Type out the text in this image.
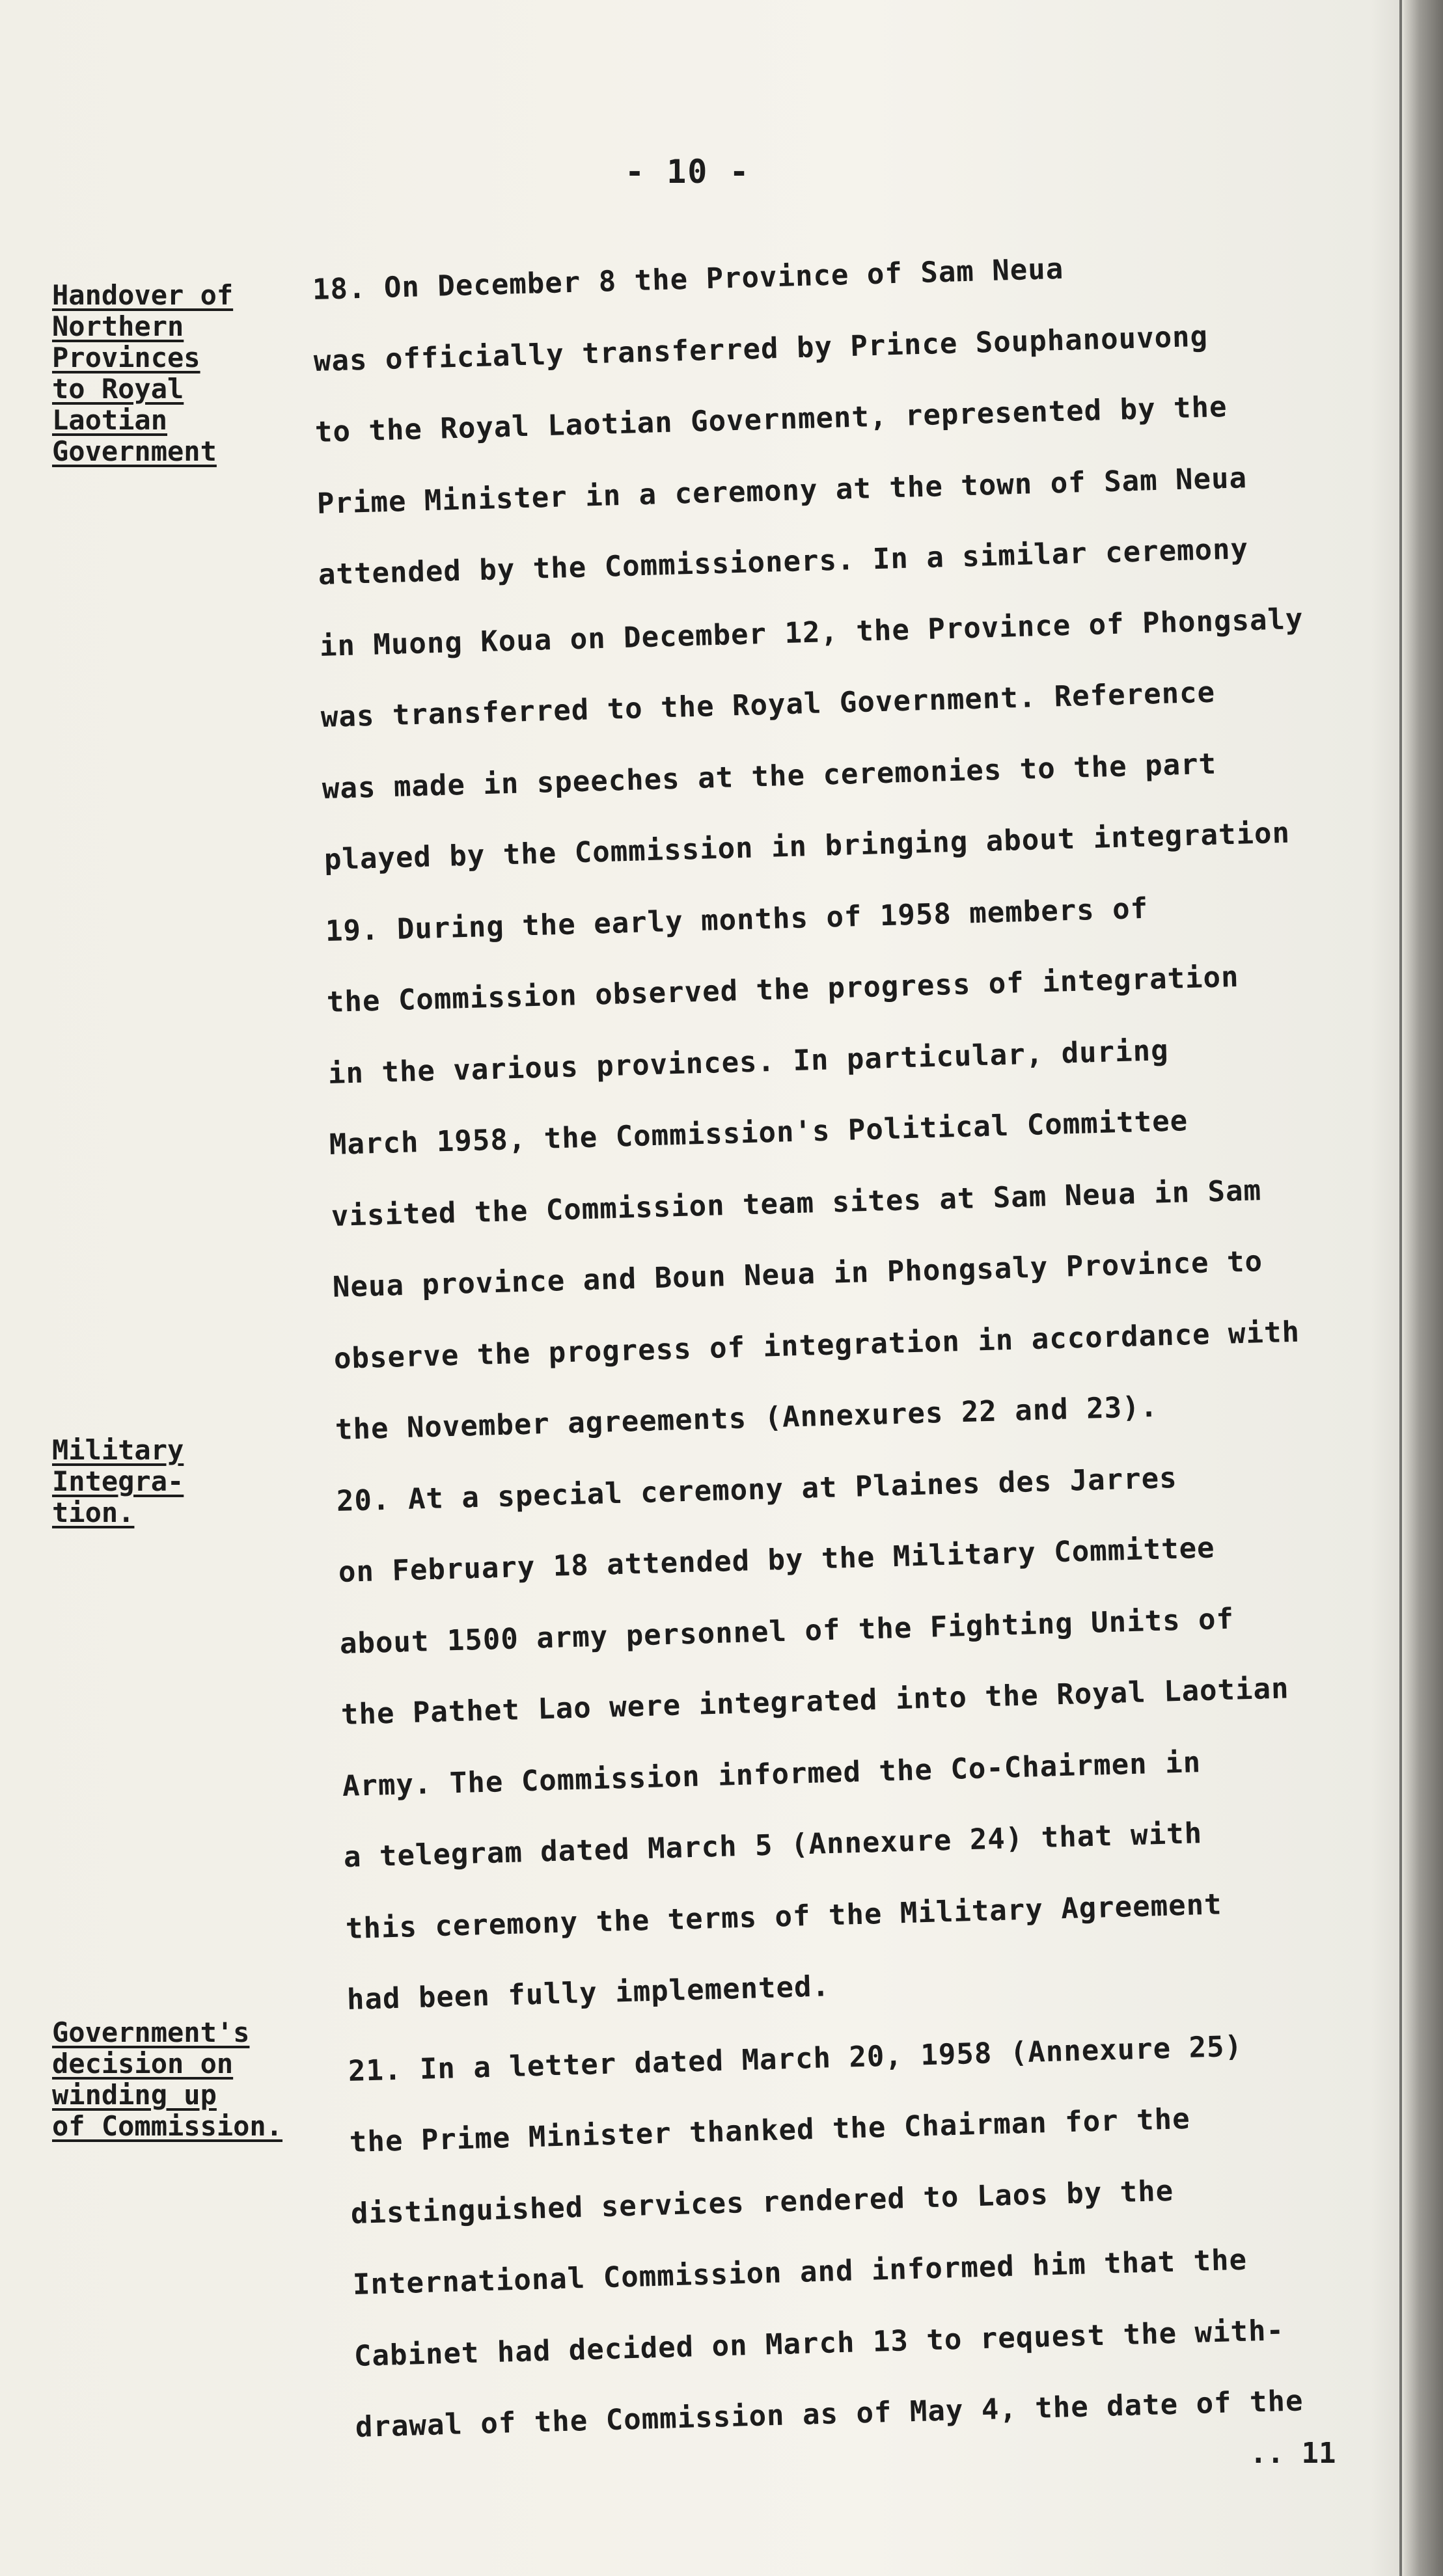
- 10 -
Handover of
Northern
Provinces
to Royal
Laotian
Government
Military
Integra-
tion.
Government's
decision on
winding up
of Commission.
18. On December 8 the Province of Sam Neua
was officially transferred by Prince Souphanouvong
to the Royal Laotian Government, represented by the
Prime Minister in a ceremony at the town of Sam Neua
attended by the Commissioners. In a similar ceremony
in Muong Koua on December 12, the Province of Phongsaly
was transferred to the Royal Government. Reference
was made in speeches at the ceremonies to the part
played by the Commission in bringing about integration
19. During the early months of 1958 members of
the Commission observed the progress of integration
in the various provinces. In particular, during
March 1958, the Commission's Political Committee
visited the Commission team sites at Sam Neua in Sam
Neua province and Boun Neua in Phongsaly Province to
observe the progress of integration in accordance with
the November agreements (Annexures 22 and 23).
20. At a special ceremony at Plaines des Jarres
on February 18 attended by the Military Committee
about 1500 army personnel of the Fighting Units of
the Pathet Lao were integrated into the Royal Laotian
Army. The Commission informed the Co-Chairmen in
a telegram dated March 5 (Annexure 24) that with
this ceremony the terms of the Military Agreement
had been fully implemented.
21. In a letter dated March 20, 1958 (Annexure 25)
the Prime Minister thanked the Chairman for the
distinguished services rendered to Laos by the
International Commission and informed him that the
Cabinet had decided on March 13 to request the with-
drawal of the Commission as of May 4, the date of the
.. 11
